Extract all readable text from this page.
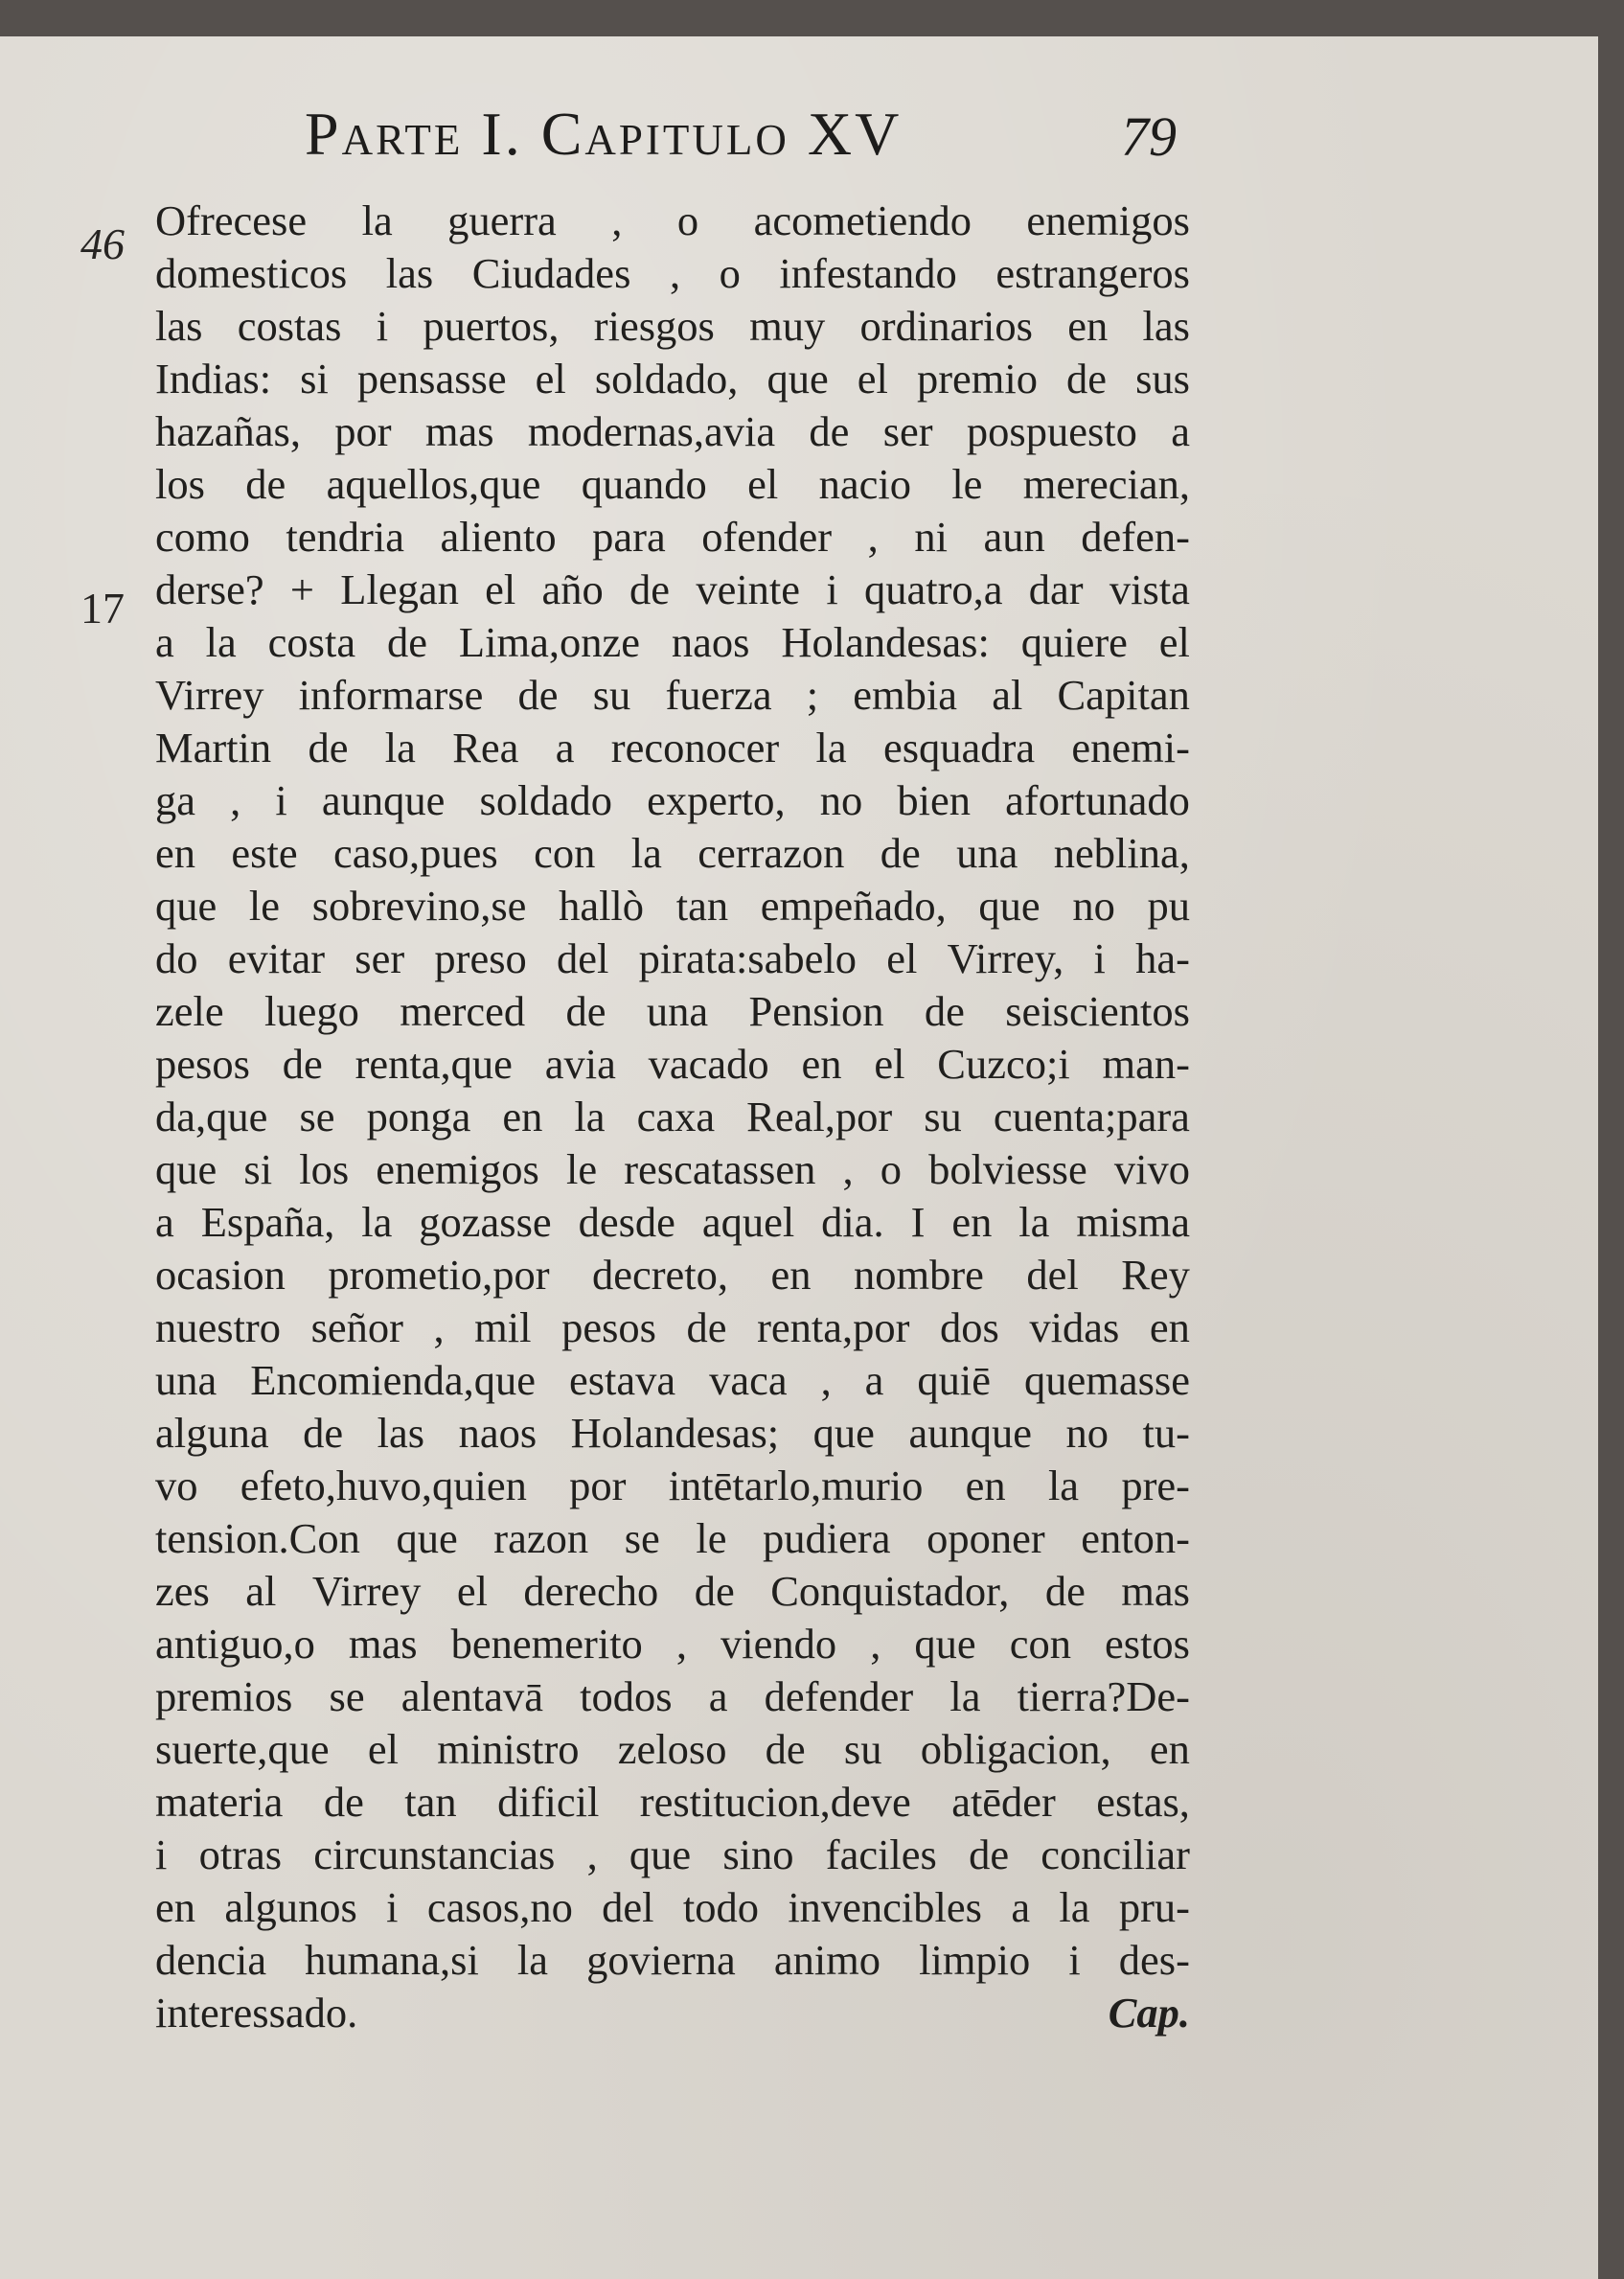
Parte I. Capitulo XV	79
46
17
Ofrecese la guerra , o acometiendo enemigos
domesticos las Ciudades , o infestando estrangeros
las costas i puertos, riesgos muy ordinarios en las
Indias: si pensasse el soldado, que el premio de sus
hazañas, por mas modernas,avia de ser pospuesto a
los de aquellos,que quando el nacio le merecian,
como tendria aliento para ofender , ni aun defen-
derse? + Llegan el año de veinte i quatro,a dar vista
a la costa de Lima,onze naos Holandesas: quiere el
Virrey informarse de su fuerza ; embia al Capitan
Martin de la Rea a reconocer la esquadra enemi-
ga , i aunque soldado experto, no bien afortunado
en este caso,pues con la cerrazon de una neblina,
que le sobrevino,se hallò tan empeñado, que no pu
do evitar ser preso del pirata:sabelo el Virrey, i ha-
zele luego merced de una Pension de seiscientos
pesos de renta,que avia vacado en el Cuzco;i man-
da,que se ponga en la caxa Real,por su cuenta;para
que si los enemigos le rescatassen , o bolviesse vivo
a España, la gozasse desde aquel dia. I en la misma
ocasion prometio,por decreto, en nombre del Rey
nuestro señor , mil pesos de renta,por dos vidas en
una Encomienda,que estava vaca , a quiē quemasse
alguna de las naos Holandesas; que aunque no tu-
vo efeto,huvo,quien por intētarlo,murio en la pre-
tension.Con que razon se le pudiera oponer enton-
zes al Virrey el derecho de Conquistador, de mas
antiguo,o mas benemerito , viendo , que con estos
premios se alentavā todos a defender la tierra?De-
suerte,que el ministro zeloso de su obligacion, en
materia de tan dificil restitucion,deve atēder estas,
i otras circunstancias , que sino faciles de conciliar
en algunos i casos,no del todo invencibles a la pru-
dencia humana,si la govierna animo limpio i des-
interessado.	Cap.
